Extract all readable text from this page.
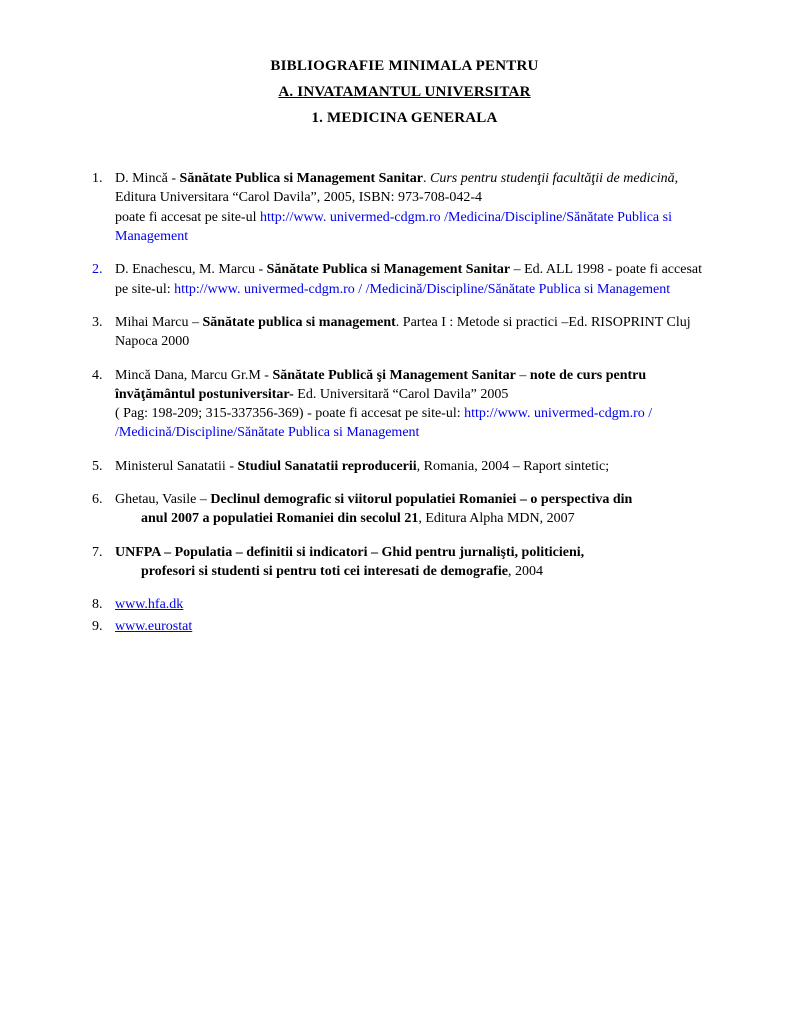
BIBLIOGRAFIE MINIMALA PENTRU
A. INVATAMANTUL UNIVERSITAR
1. MEDICINA GENERALA
1. D. Mincă - Sănătate Publica si Management Sanitar. Curs pentru studenţii facultăţii de medicină, Editura Universitara “Carol Davila”, 2005, ISBN: 973-708-042-4
poate fi accesat pe site-ul http://www. univermed-cdgm.ro /Medicina/Discipline/Sănătate Publica si Management
2. D. Enachescu, M. Marcu - Sănătate Publica si Management Sanitar – Ed. ALL 1998 - poate fi accesat pe site-ul: http://www. univermed-cdgm.ro / /Medicină/Discipline/Sănătate Publica si Management
3. Mihai Marcu – Sănătate publica si management. Partea I : Metode si practici –Ed. RISOPRINT Cluj Napoca 2000
4. Mincă Dana, Marcu Gr.M - Sănătate Publică şi Management Sanitar – note de curs pentru învăţământul postuniversitar- Ed. Universitară “Carol Davila” 2005
( Pag: 198-209; 315-337356-369) - poate fi accesat pe site-ul: http://www. univermed-cdgm.ro / /Medicină/Discipline/Sănătate Publica si Management
5. Ministerul Sanatatii - Studiul Sanatatii reproducerii, Romania, 2004 – Raport sintetic;
6. Ghetau, Vasile – Declinul demografic si viitorul populatiei Romaniei – o perspectiva din
anul 2007 a populatiei Romaniei din secolul 21, Editura Alpha MDN, 2007
7. UNFPA – Populatia – definitii si indicatori – Ghid pentru jurnalişti, politicieni,
profesori si studenti si pentru toti cei interesati de demografie, 2004
8. www.hfa.dk
9. www.eurostat
